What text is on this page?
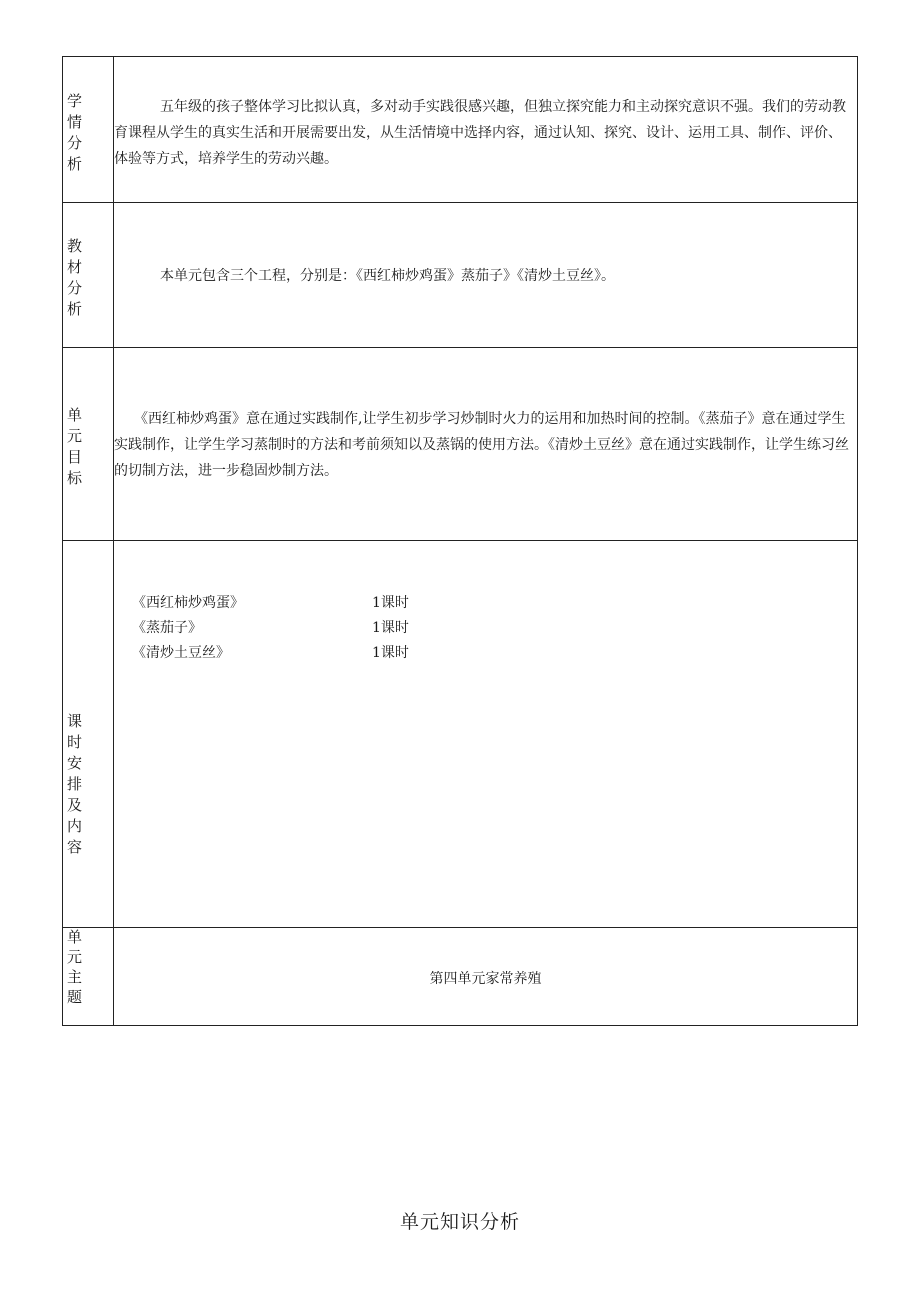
学情分析
五年级的孩子整体学习比拟认真，多对动手实践很感兴趣，但独立探究能力和主动探究意识不强。我们的劳动教育课程从学生的真实生活和开展需要出发，从生活情境中选择内容，通过认知、探究、设计、运用工具、制作、评价、体验等方式，培养学生的劳动兴趣。
教材分析
本单元包含三个工程，分别是：《西红柿炒鸡蛋》蒸茄子》《清炒土豆丝》。
单元目标
《西红柿炒鸡蛋》意在通过实践制作,让学生初步学习炒制时火力的运用和加热时间的控制。《蒸茄子》意在通过学生实践制作，让学生学习蒸制时的方法和考前须知以及蒸锅的使用方法。《清炒土豆丝》意在通过实践制作，让学生练习丝的切制方法，进一步稳固炒制方法。
课时安排及内容
《西红柿炒鸡蛋》	1课时
《蒸茄子》	1课时
《清炒土豆丝》	1课时
单元主题
第四单元家常养殖
单元知识分析
